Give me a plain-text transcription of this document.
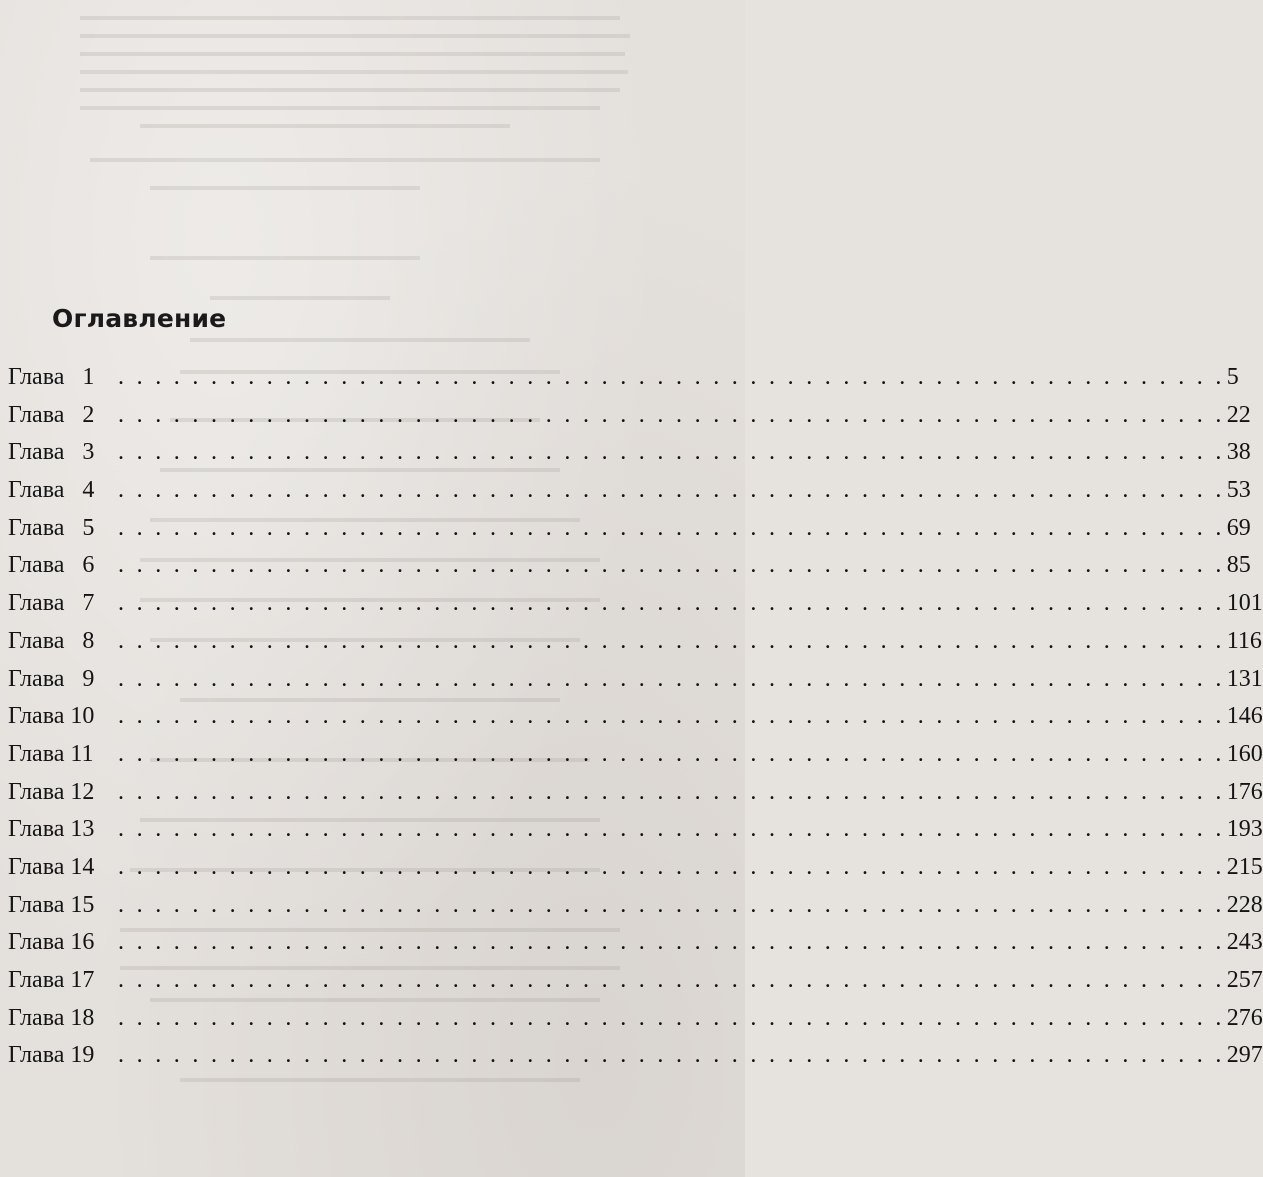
Оглавление
Глава   1 . . . . . . . . . . . . . . . . . . . . . . . . . . . . . . . . . . . . . . . . . . . . . . . . . . . . . . . . . . . . 5
Глава   2 . . . . . . . . . . . . . . . . . . . . . . . . . . . . . . . . . . . . . . . . . . . . . . . . . . . . . . . . . . . . 22
Глава   3 . . . . . . . . . . . . . . . . . . . . . . . . . . . . . . . . . . . . . . . . . . . . . . . . . . . . . . . . . . . . 38
Глава   4 . . . . . . . . . . . . . . . . . . . . . . . . . . . . . . . . . . . . . . . . . . . . . . . . . . . . . . . . . . . . 53
Глава   5 . . . . . . . . . . . . . . . . . . . . . . . . . . . . . . . . . . . . . . . . . . . . . . . . . . . . . . . . . . . . 69
Глава   6 . . . . . . . . . . . . . . . . . . . . . . . . . . . . . . . . . . . . . . . . . . . . . . . . . . . . . . . . . . . . 85
Глава   7 . . . . . . . . . . . . . . . . . . . . . . . . . . . . . . . . . . . . . . . . . . . . . . . . . . . . . . . . . . . . 101
Глава   8 . . . . . . . . . . . . . . . . . . . . . . . . . . . . . . . . . . . . . . . . . . . . . . . . . . . . . . . . . . . . 116
Глава   9 . . . . . . . . . . . . . . . . . . . . . . . . . . . . . . . . . . . . . . . . . . . . . . . . . . . . . . . . . . . . 131
Глава 10 . . . . . . . . . . . . . . . . . . . . . . . . . . . . . . . . . . . . . . . . . . . . . . . . . . . . . . . . . . . . 146
Глава 11	. . . . . . . . . . . . . . . . . . . . . . . . . . . . . . . . . . . . . . . . . . . . . . . . . . . . . . . . . . . . 160
Глава 12 . . . . . . . . . . . . . . . . . . . . . . . . . . . . . . . . . . . . . . . . . . . . . . . . . . . . . . . . . . . . 176
Глава 13 . . . . . . . . . . . . . . . . . . . . . . . . . . . . . . . . . . . . . . . . . . . . . . . . . . . . . . . . . . . . 193
Глава 14 . . . . . . . . . . . . . . . . . . . . . . . . . . . . . . . . . . . . . . . . . . . . . . . . . . . . . . . . . . . . 215
Глава 15 . . . . . . . . . . . . . . . . . . . . . . . . . . . . . . . . . . . . . . . . . . . . . . . . . . . . . . . . . . . . 228
Глава 16 . . . . . . . . . . . . . . . . . . . . . . . . . . . . . . . . . . . . . . . . . . . . . . . . . . . . . . . . . . . . 243
Глава 17 . . . . . . . . . . . . . . . . . . . . . . . . . . . . . . . . . . . . . . . . . . . . . . . . . . . . . . . . . . . . 257
Глава 18 . . . . . . . . . . . . . . . . . . . . . . . . . . . . . . . . . . . . . . . . . . . . . . . . . . . . . . . . . . . . 276
Глава 19 . . . . . . . . . . . . . . . . . . . . . . . . . . . . . . . . . . . . . . . . . . . . . . . . . . . . . . . . . . . . 297
